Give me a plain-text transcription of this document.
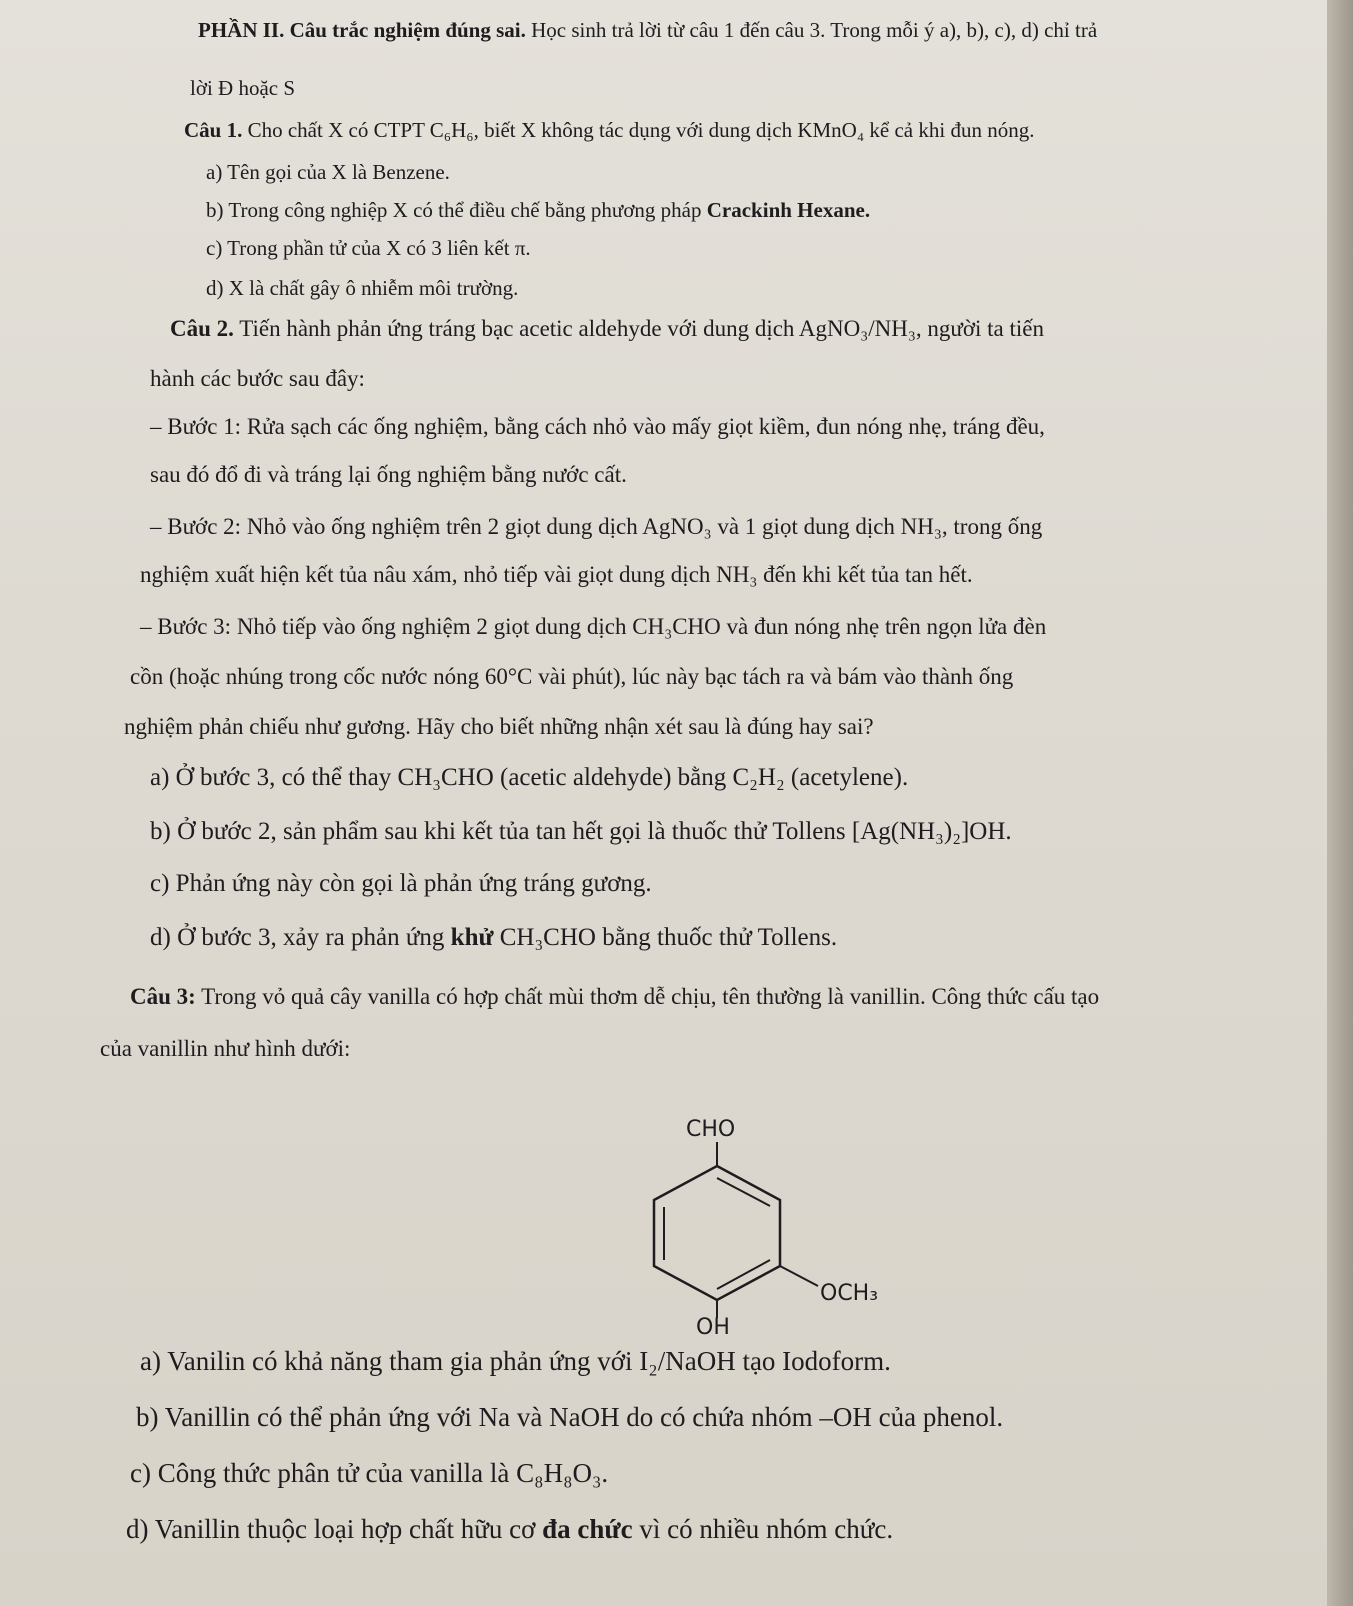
PHẦN II. Câu trắc nghiệm đúng sai. Học sinh trả lời từ câu 1 đến câu 3. Trong mỗi ý a), b), c), d) chỉ trả
lời Đ hoặc S
Câu 1. Cho chất X có CTPT C₆H₆, biết X không tác dụng với dung dịch KMnO₄ kể cả khi đun nóng.
a) Tên gọi của X là Benzene.
b) Trong công nghiệp X có thể điều chế bằng phương pháp Crackinh Hexane.
c) Trong phần tử của X có 3 liên kết π.
d) X là chất gây ô nhiễm môi trường.
Câu 2. Tiến hành phản ứng tráng bạc acetic aldehyde với dung dịch AgNO₃/NH₃, người ta tiến
hành các bước sau đây:
– Bước 1: Rửa sạch các ống nghiệm, bằng cách nhỏ vào mấy giọt kiềm, đun nóng nhẹ, tráng đều,
sau đó đổ đi và tráng lại ống nghiệm bằng nước cất.
– Bước 2: Nhỏ vào ống nghiệm trên 2 giọt dung dịch AgNO₃ và 1 giọt dung dịch NH₃, trong ống
nghiệm xuất hiện kết tủa nâu xám, nhỏ tiếp vài giọt dung dịch NH₃ đến khi kết tủa tan hết.
– Bước 3: Nhỏ tiếp vào ống nghiệm 2 giọt dung dịch CH₃CHO và đun nóng nhẹ trên ngọn lửa đèn
cồn (hoặc nhúng trong cốc nước nóng 60°C vài phút), lúc này bạc tách ra và bám vào thành ống
nghiệm phản chiếu như gương. Hãy cho biết những nhận xét sau là đúng hay sai?
a) Ở bước 3, có thể thay CH₃CHO (acetic aldehyde) bằng C₂H₂ (acetylene).
b) Ở bước 2, sản phẩm sau khi kết tủa tan hết gọi là thuốc thử Tollens [Ag(NH₃)₂]OH.
c) Phản ứng này còn gọi là phản ứng tráng gương.
d) Ở bước 3, xảy ra phản ứng khử CH₃CHO bằng thuốc thử Tollens.
Câu 3: Trong vỏ quả cây vanilla có hợp chất mùi thơm dễ chịu, tên thường là vanillin. Công thức cấu tạo
của vanillin như hình dưới:
CHO
OCH₃
OH
a) Vanilin có khả năng tham gia phản ứng với I₂/NaOH tạo Iodoform.
b) Vanillin có thể phản ứng với Na và NaOH do có chứa nhóm –OH của phenol.
c) Công thức phân tử của vanilla là C₈H₈O₃.
d) Vanillin thuộc loại hợp chất hữu cơ đa chức vì có nhiều nhóm chức.
